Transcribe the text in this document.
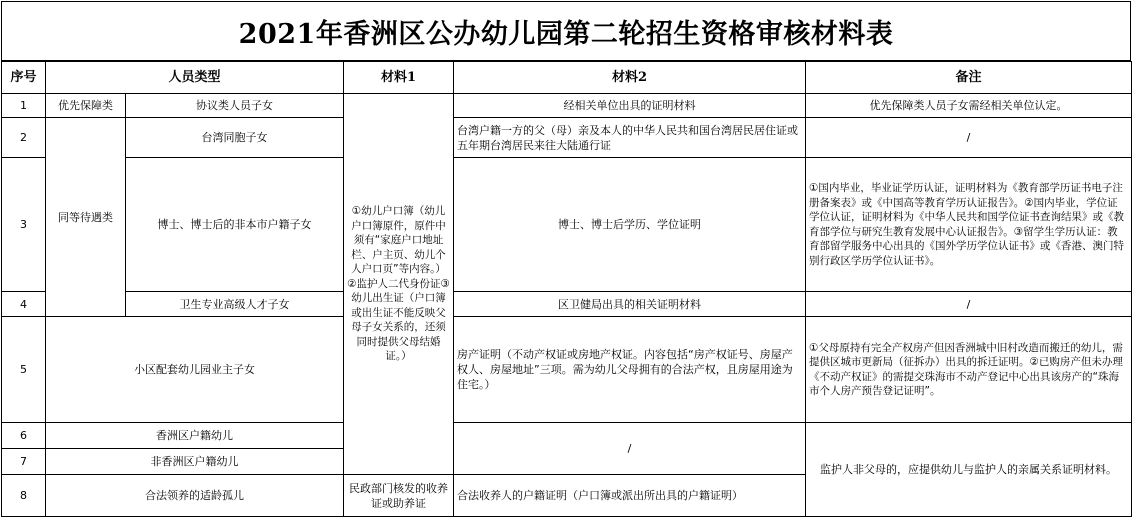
2021年香洲区公办幼儿园第二轮招生资格审核材料表
序号	人员类型		材料1	材料2	备注
1	优先保障类	协议类人员子女	①幼儿户口簿（幼儿户口簿原件，原件中须有“家庭户口地址栏、户主页、幼儿个人户口页”等内容。）②监护人二代身份证③幼儿出生证（户口簿或出生证不能反映父母子女关系的，还须同时提供父母结婚证。）	经相关单位出具的证明材料	优先保障类人员子女需经相关单位认定。
2	同等待遇类	台湾同胞子女		台湾户籍一方的父（母）亲及本人的中华人民共和国台湾居民居住证或五年期台湾居民来往大陆通行证	/
3		博士、博士后的非本市户籍子女		博士、博士后学历、学位证明	①国内毕业，毕业证学历认证，证明材料为《教育部学历证书电子注册备案表》或《中国高等教育学历认证报告》。②国内毕业，学位证学位认证，证明材料为《中华人民共和国学位证书查询结果》或《教育部学位与研究生教育发展中心认证报告》。③留学生学历认证：教育部留学服务中心出具的《国外学历学位认证书》或《香港、澳门特别行政区学历学位认证书》。
4		卫生专业高级人才子女		区卫健局出具的相关证明材料	/
5	小区配套幼儿园业主子女			房产证明（不动产权证或房地产权证。内容包括“房产权证号、房屋产权人、房屋地址”三项。需为幼儿父母拥有的合法产权，且房屋用途为住宅。）	①父母原持有完全产权房产但因香洲城中旧村改造而搬迁的幼儿，需提供区城市更新局（征拆办）出具的拆迁证明。②已购房产但未办理《不动产权证》的需提交珠海市不动产登记中心出具该房产的“珠海市个人房产预告登记证明”。
6	香洲区户籍幼儿			/	监护人非父母的，应提供幼儿与监护人的亲属关系证明材料。
7	非香洲区户籍幼儿				
8	合法领养的适龄孤儿		民政部门核发的收养证或助养证	合法收养人的户籍证明（户口簿或派出所出具的户籍证明）	
